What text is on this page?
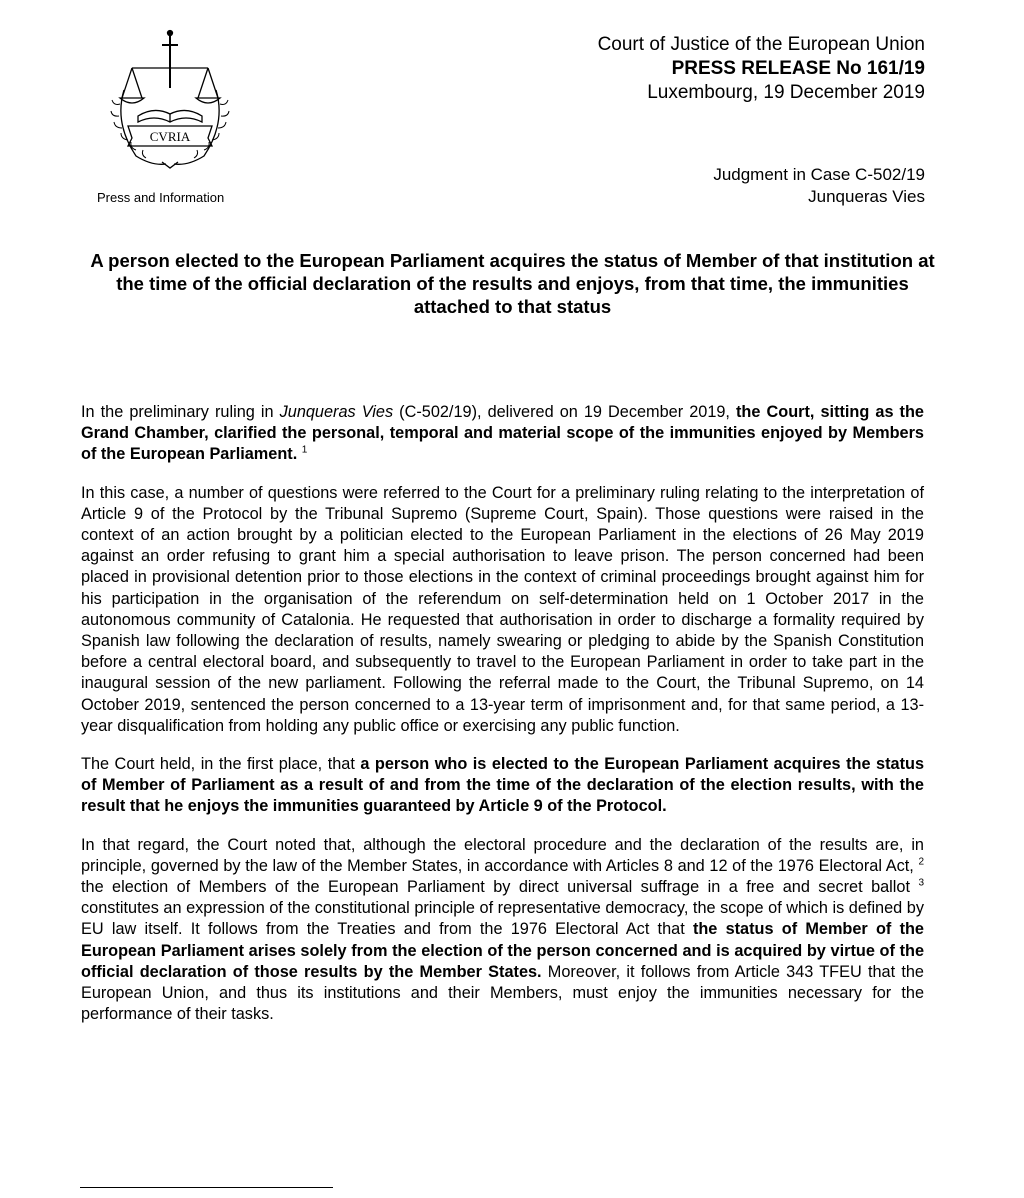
CVRIA
Press and Information
Court of Justice of the European Union
PRESS RELEASE No 161/19
Luxembourg, 19 December 2019
Judgment in Case C-502/19
Junqueras Vies
A person elected to the European Parliament acquires the status of Member of that institution at the time of the official declaration of the results and enjoys, from that time, the immunities attached to that status

In the preliminary ruling in Junqueras Vies (C-502/19), delivered on 19 December 2019, the Court, sitting as the Grand Chamber, clarified the personal, temporal and material scope of the immunities enjoyed by Members of the European Parliament. $^1$

In this case, a number of questions were referred to the Court for a preliminary ruling relating to the interpretation of Article 9 of the Protocol by the Tribunal Supremo (Supreme Court, Spain). Those questions were raised in the context of an action brought by a politician elected to the European Parliament in the elections of 26 May 2019 against an order refusing to grant him a special authorisation to leave prison. The person concerned had been placed in provisional detention prior to those elections in the context of criminal proceedings brought against him for his participation in the organisation of the referendum on self-determination held on 1 October 2017 in the autonomous community of Catalonia. He requested that authorisation in order to discharge a formality required by Spanish law following the declaration of results, namely swearing or pledging to abide by the Spanish Constitution before a central electoral board, and subsequently to travel to the European Parliament in order to take part in the inaugural session of the new parliament. Following the referral made to the Court, the Tribunal Supremo, on 14 October 2019, sentenced the person concerned to a 13-year term of imprisonment and, for that same period, a 13-year disqualification from holding any public office or exercising any public function.

The Court held, in the first place, that a person who is elected to the European Parliament acquires the status of Member of Parliament as a result of and from the time of the declaration of the election results, with the result that he enjoys the immunities guaranteed by Article 9 of the Protocol.

In that regard, the Court noted that, although the electoral procedure and the declaration of the results are, in principle, governed by the law of the Member States, in accordance with Articles 8 and 12 of the 1976 Electoral Act, $^2$ the election of Members of the European Parliament by direct universal suffrage in a free and secret ballot $^3$ constitutes an expression of the constitutional principle of representative democracy, the scope of which is defined by EU law itself. It follows from the Treaties and from the 1976 Electoral Act that the status of Member of the European Parliament arises solely from the election of the person concerned and is acquired by virtue of the official declaration of those results by the Member States. Moreover, it follows from Article 343 TFEU that the European Union, and thus its institutions and their Members, must enjoy the immunities necessary for the performance of their tasks.
